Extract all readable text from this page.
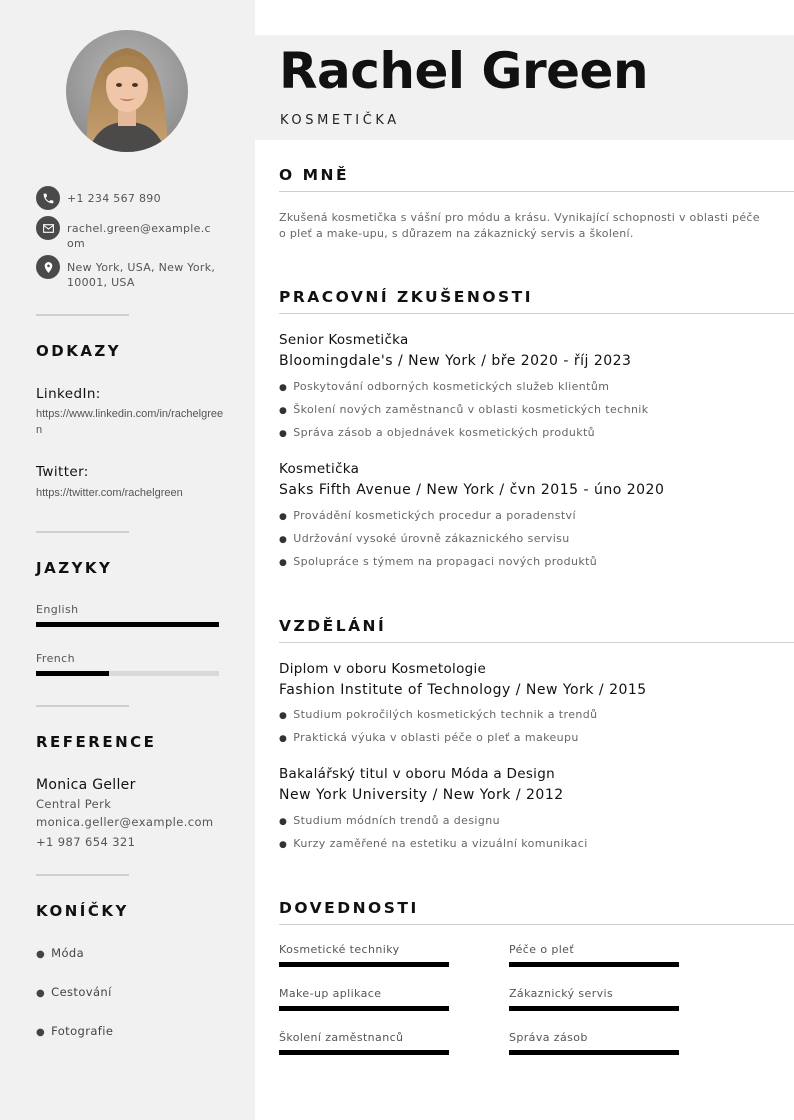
+1 234 567 890
rachel.green@example.com
New York, USA, New York, 10001, USA
ODKAZY
LinkedIn:
https://www.linkedin.com/in/rachelgreen
Twitter:
https://twitter.com/rachelgreen
JAZYKY
English
French
REFERENCE
Monica Geller
Central Perk
monica.geller@example.com
+1 987 654 321
KONÍČKY
● Móda
● Cestování
● Fotografie
Rachel Green
KOSMETIČKA
O MNĚ
Zkušená kosmetička s vášní pro módu a krásu. Vynikající schopnosti v oblasti péče o pleť a make-upu, s důrazem na zákaznický servis a školení.
PRACOVNÍ ZKUŠENOSTI
Senior Kosmetička
Bloomingdale's / New York / bře 2020 - říj 2023
● Poskytování odborných kosmetických služeb klientům
● Školení nových zaměstnanců v oblasti kosmetických technik
● Správa zásob a objednávek kosmetických produktů
Kosmetička
Saks Fifth Avenue / New York / čvn 2015 - úno 2020
● Provádění kosmetických procedur a poradenství
● Udržování vysoké úrovně zákaznického servisu
● Spolupráce s týmem na propagaci nových produktů
VZDĚLÁNÍ
Diplom v oboru Kosmetologie
Fashion Institute of Technology / New York / 2015
● Studium pokročilých kosmetických technik a trendů
● Praktická výuka v oblasti péče o pleť a makeupu
Bakalářský titul v oboru Móda a Design
New York University / New York / 2012
● Studium módních trendů a designu
● Kurzy zaměřené na estetiku a vizuální komunikaci
DOVEDNOSTI
Kosmetické techniky	Péče o pleť
Make-up aplikace	Zákaznický servis
Školení zaměstnanců	Správa zásob
